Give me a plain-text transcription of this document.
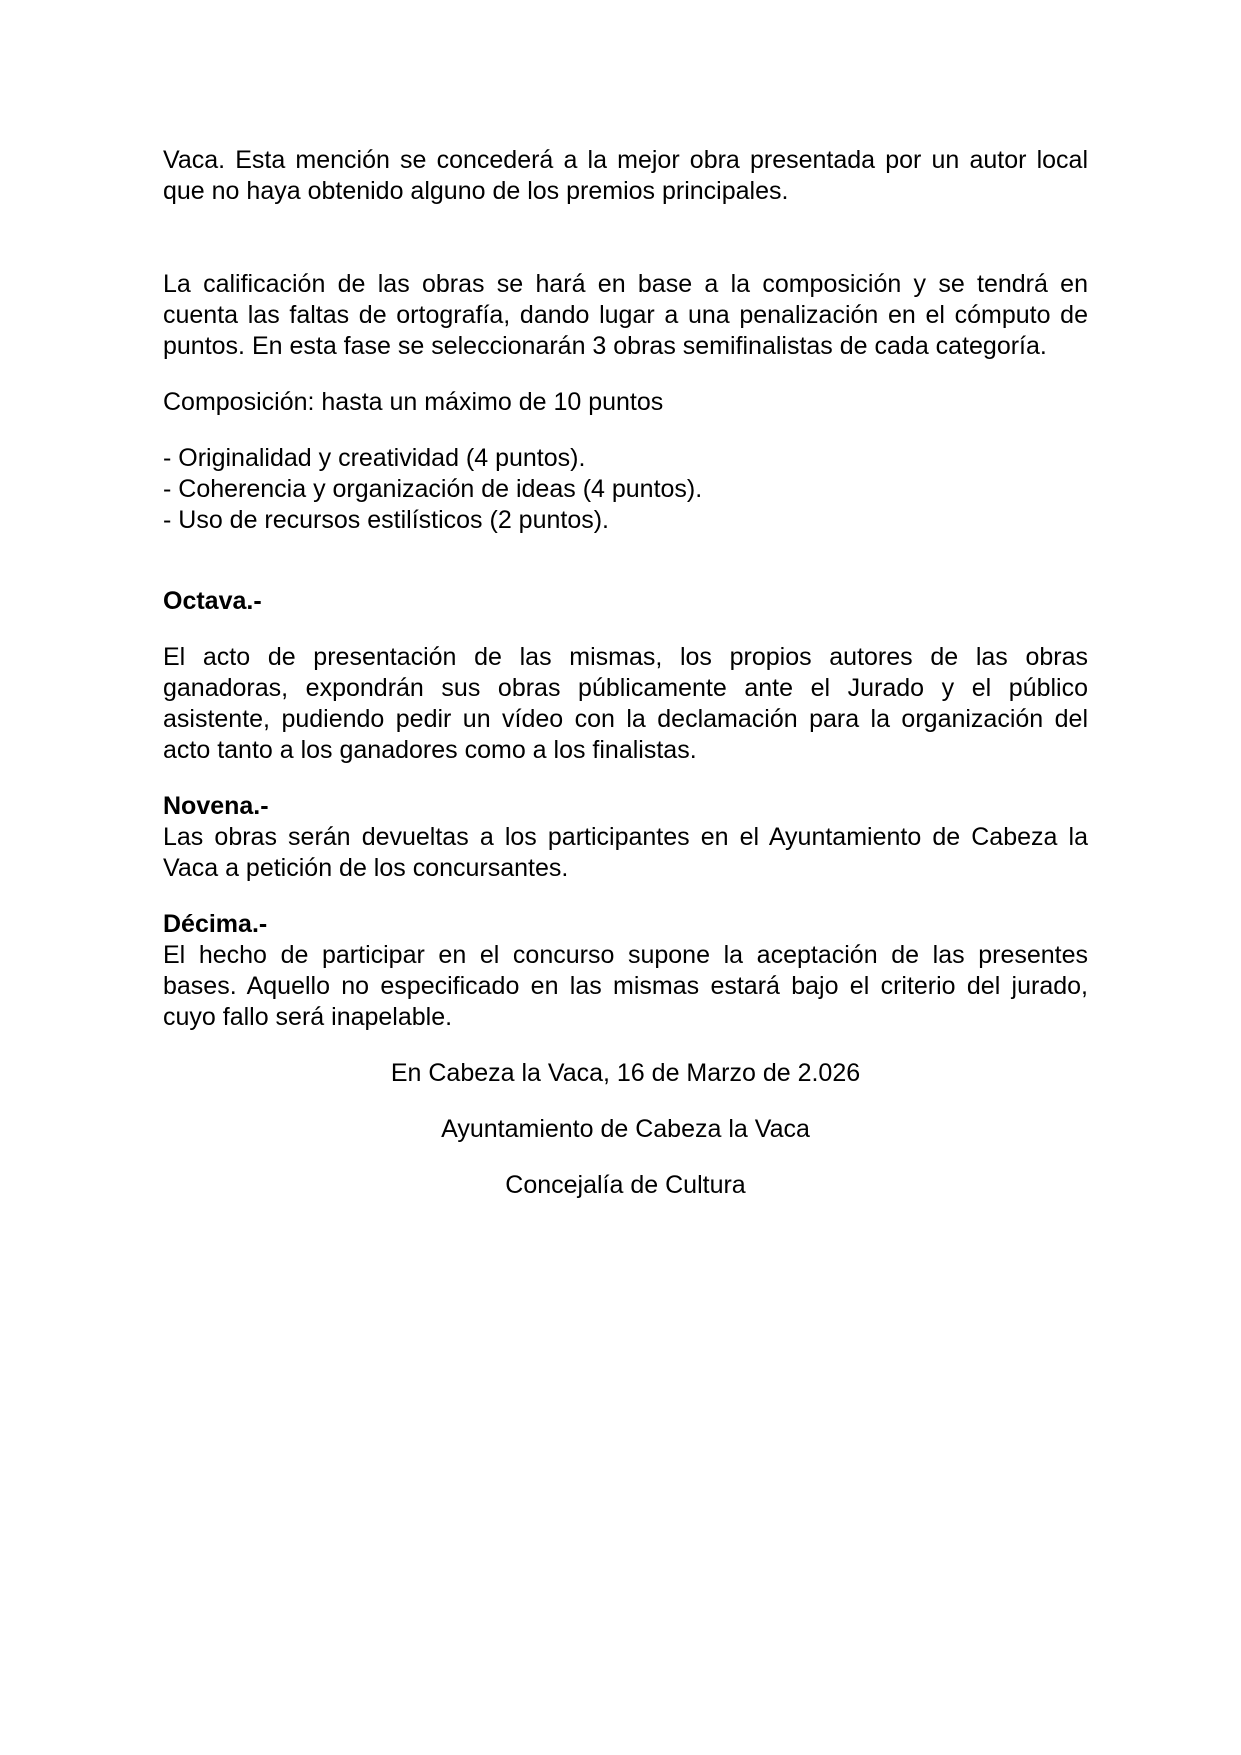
Vaca. Esta mención se concederá a la mejor obra presentada por un autor local que no haya obtenido alguno de los premios principales.

La calificación de las obras se hará en base a la composición y se tendrá en cuenta las faltas de ortografía, dando lugar a una penalización en el cómputo de puntos. En esta fase se seleccionarán 3 obras semifinalistas de cada categoría.

Composición: hasta un máximo de 10 puntos

- Originalidad y creatividad (4 puntos).
- Coherencia y organización de ideas (4 puntos).
- Uso de recursos estilísticos (2 puntos).

Octava.-

El acto de presentación de las mismas, los propios autores de las obras ganadoras, expondrán sus obras públicamente ante el Jurado y el público asistente, pudiendo pedir un vídeo con la declamación para la organización del acto tanto a los ganadores como a los finalistas.

Novena.-

Las obras serán devueltas a los participantes en el Ayuntamiento de Cabeza la Vaca a petición de los concursantes.

Décima.-

El hecho de participar en el concurso supone la aceptación de las presentes bases. Aquello no especificado en las mismas estará bajo el criterio del jurado, cuyo fallo será inapelable.

En Cabeza la Vaca, 16 de Marzo de 2.026

Ayuntamiento de Cabeza la Vaca

Concejalía de Cultura
